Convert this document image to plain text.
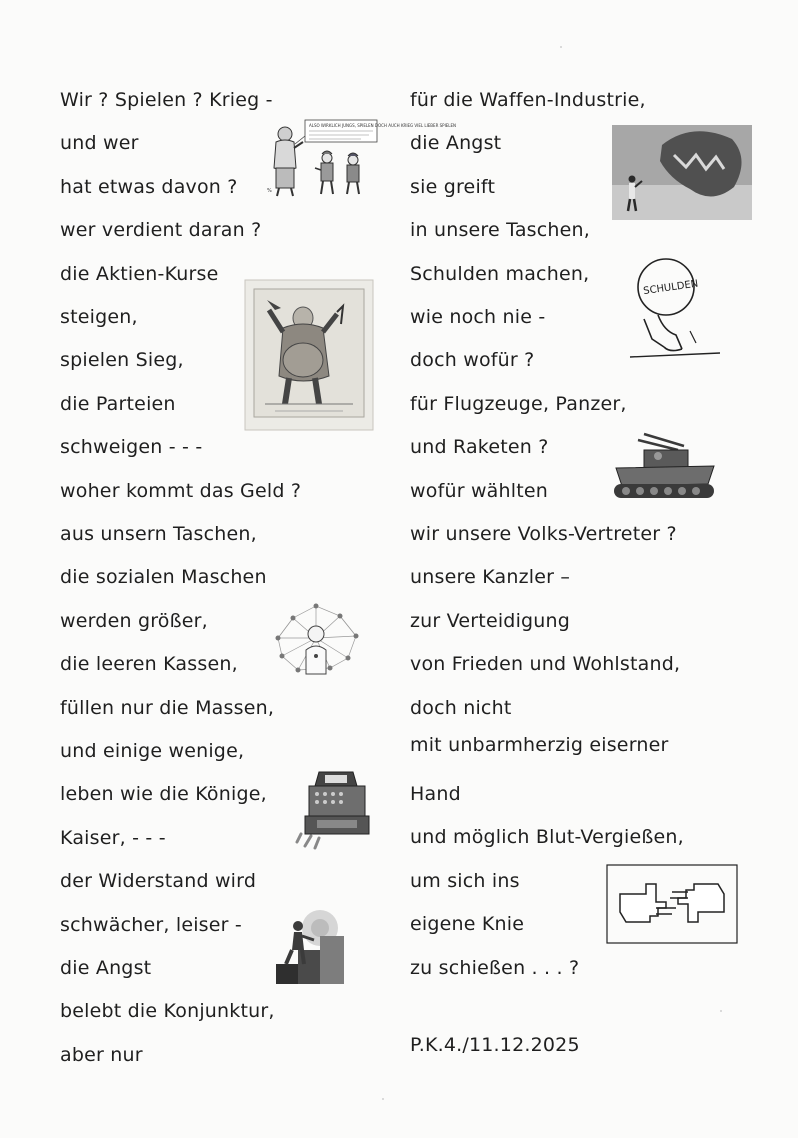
Wir ? Spielen ? Krieg -
und wer
hat etwas davon ?
wer verdient daran ?
die Aktien-Kurse
steigen,
spielen Sieg,
die Parteien
schweigen - - -
woher kommt das Geld ?
aus unsern Taschen,
die sozialen Maschen
werden größer,
die leeren Kassen,
füllen nur die Massen,
und einige wenige,
leben wie die Könige,
Kaiser, - - -
der Widerstand wird
schwächer, leiser -
die Angst
belebt die Konjunktur,
aber nur
für die Waffen-Industrie,
die Angst
sie greift
in unsere Taschen,
Schulden machen,
wie noch nie -
doch wofür ?
für Flugzeuge, Panzer,
und Raketen ?
wofür wählten
wir unsere Volks-Vertreter ?
unsere Kanzler –
zur Verteidigung
von Frieden und Wohlstand,
doch nicht
mit unbarmherzig eiserner
Hand
und möglich Blut-Vergießen,
um sich ins
eigene Knie
zu schießen . . . ?
ALSO WIRKLICH JUNGS, SPIELEN DOCH AUCH KRIEG VIEL LIEBER SPIELEN
%
SCHULDEN
P.K.4./11.12.2025
